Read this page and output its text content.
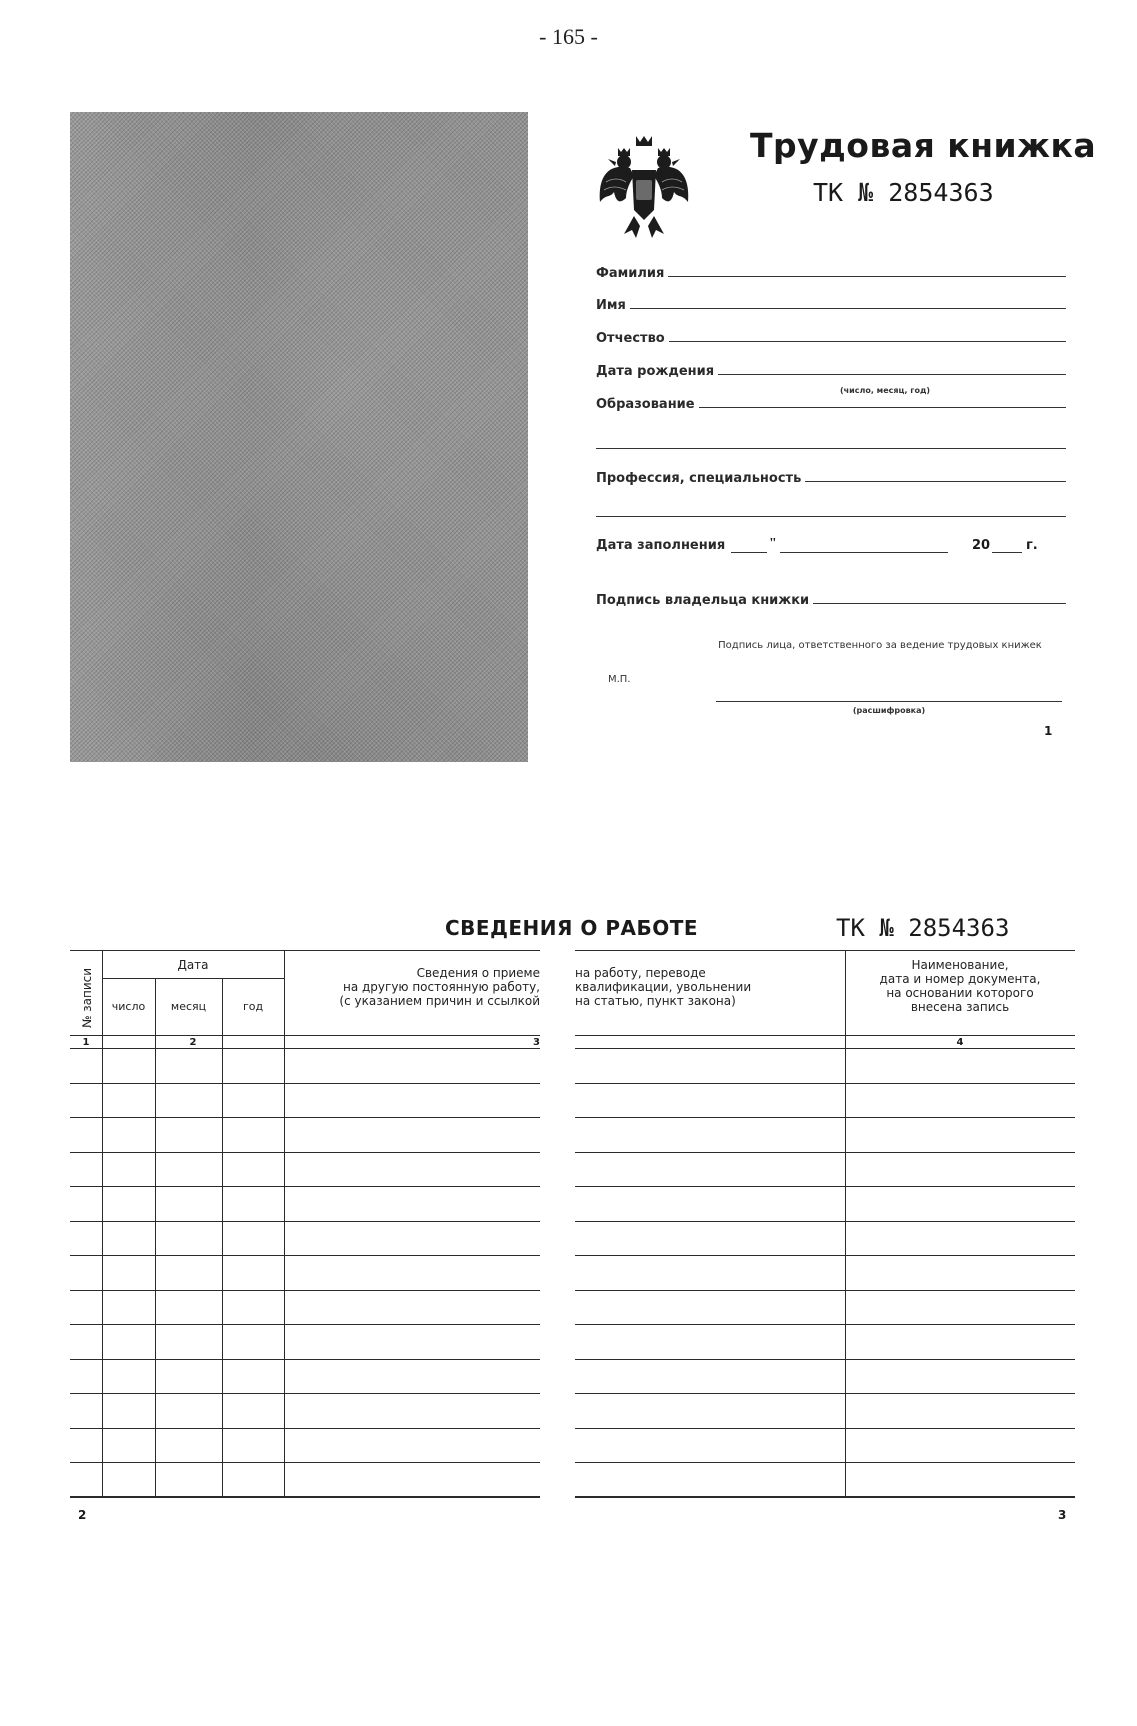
- 165 -
Трудовая книжка
ТК № 2854363
Фамилия
Имя
Отчество
Дата рождения
(число, месяц, год)
Образование
Профессия, специальность
Дата заполнения	"	20	г.
Подпись владельца книжки
Подпись лица, ответственного за ведение трудовых книжек
М.П.
(расшифровка)
1
СВЕДЕНИЯ О РАБОТЕ	ТК № 2854363
№ записи
Дата
число	месяц	год
Сведения о приеме
на другую постоянную работу,
(с указанием причин и ссылкой
на работу, переводе
квалификации, увольнении
на статью, пункт закона)
Наименование,
дата и номер документа,
на основании которого
внесена запись
1	2	3	4
2	3
